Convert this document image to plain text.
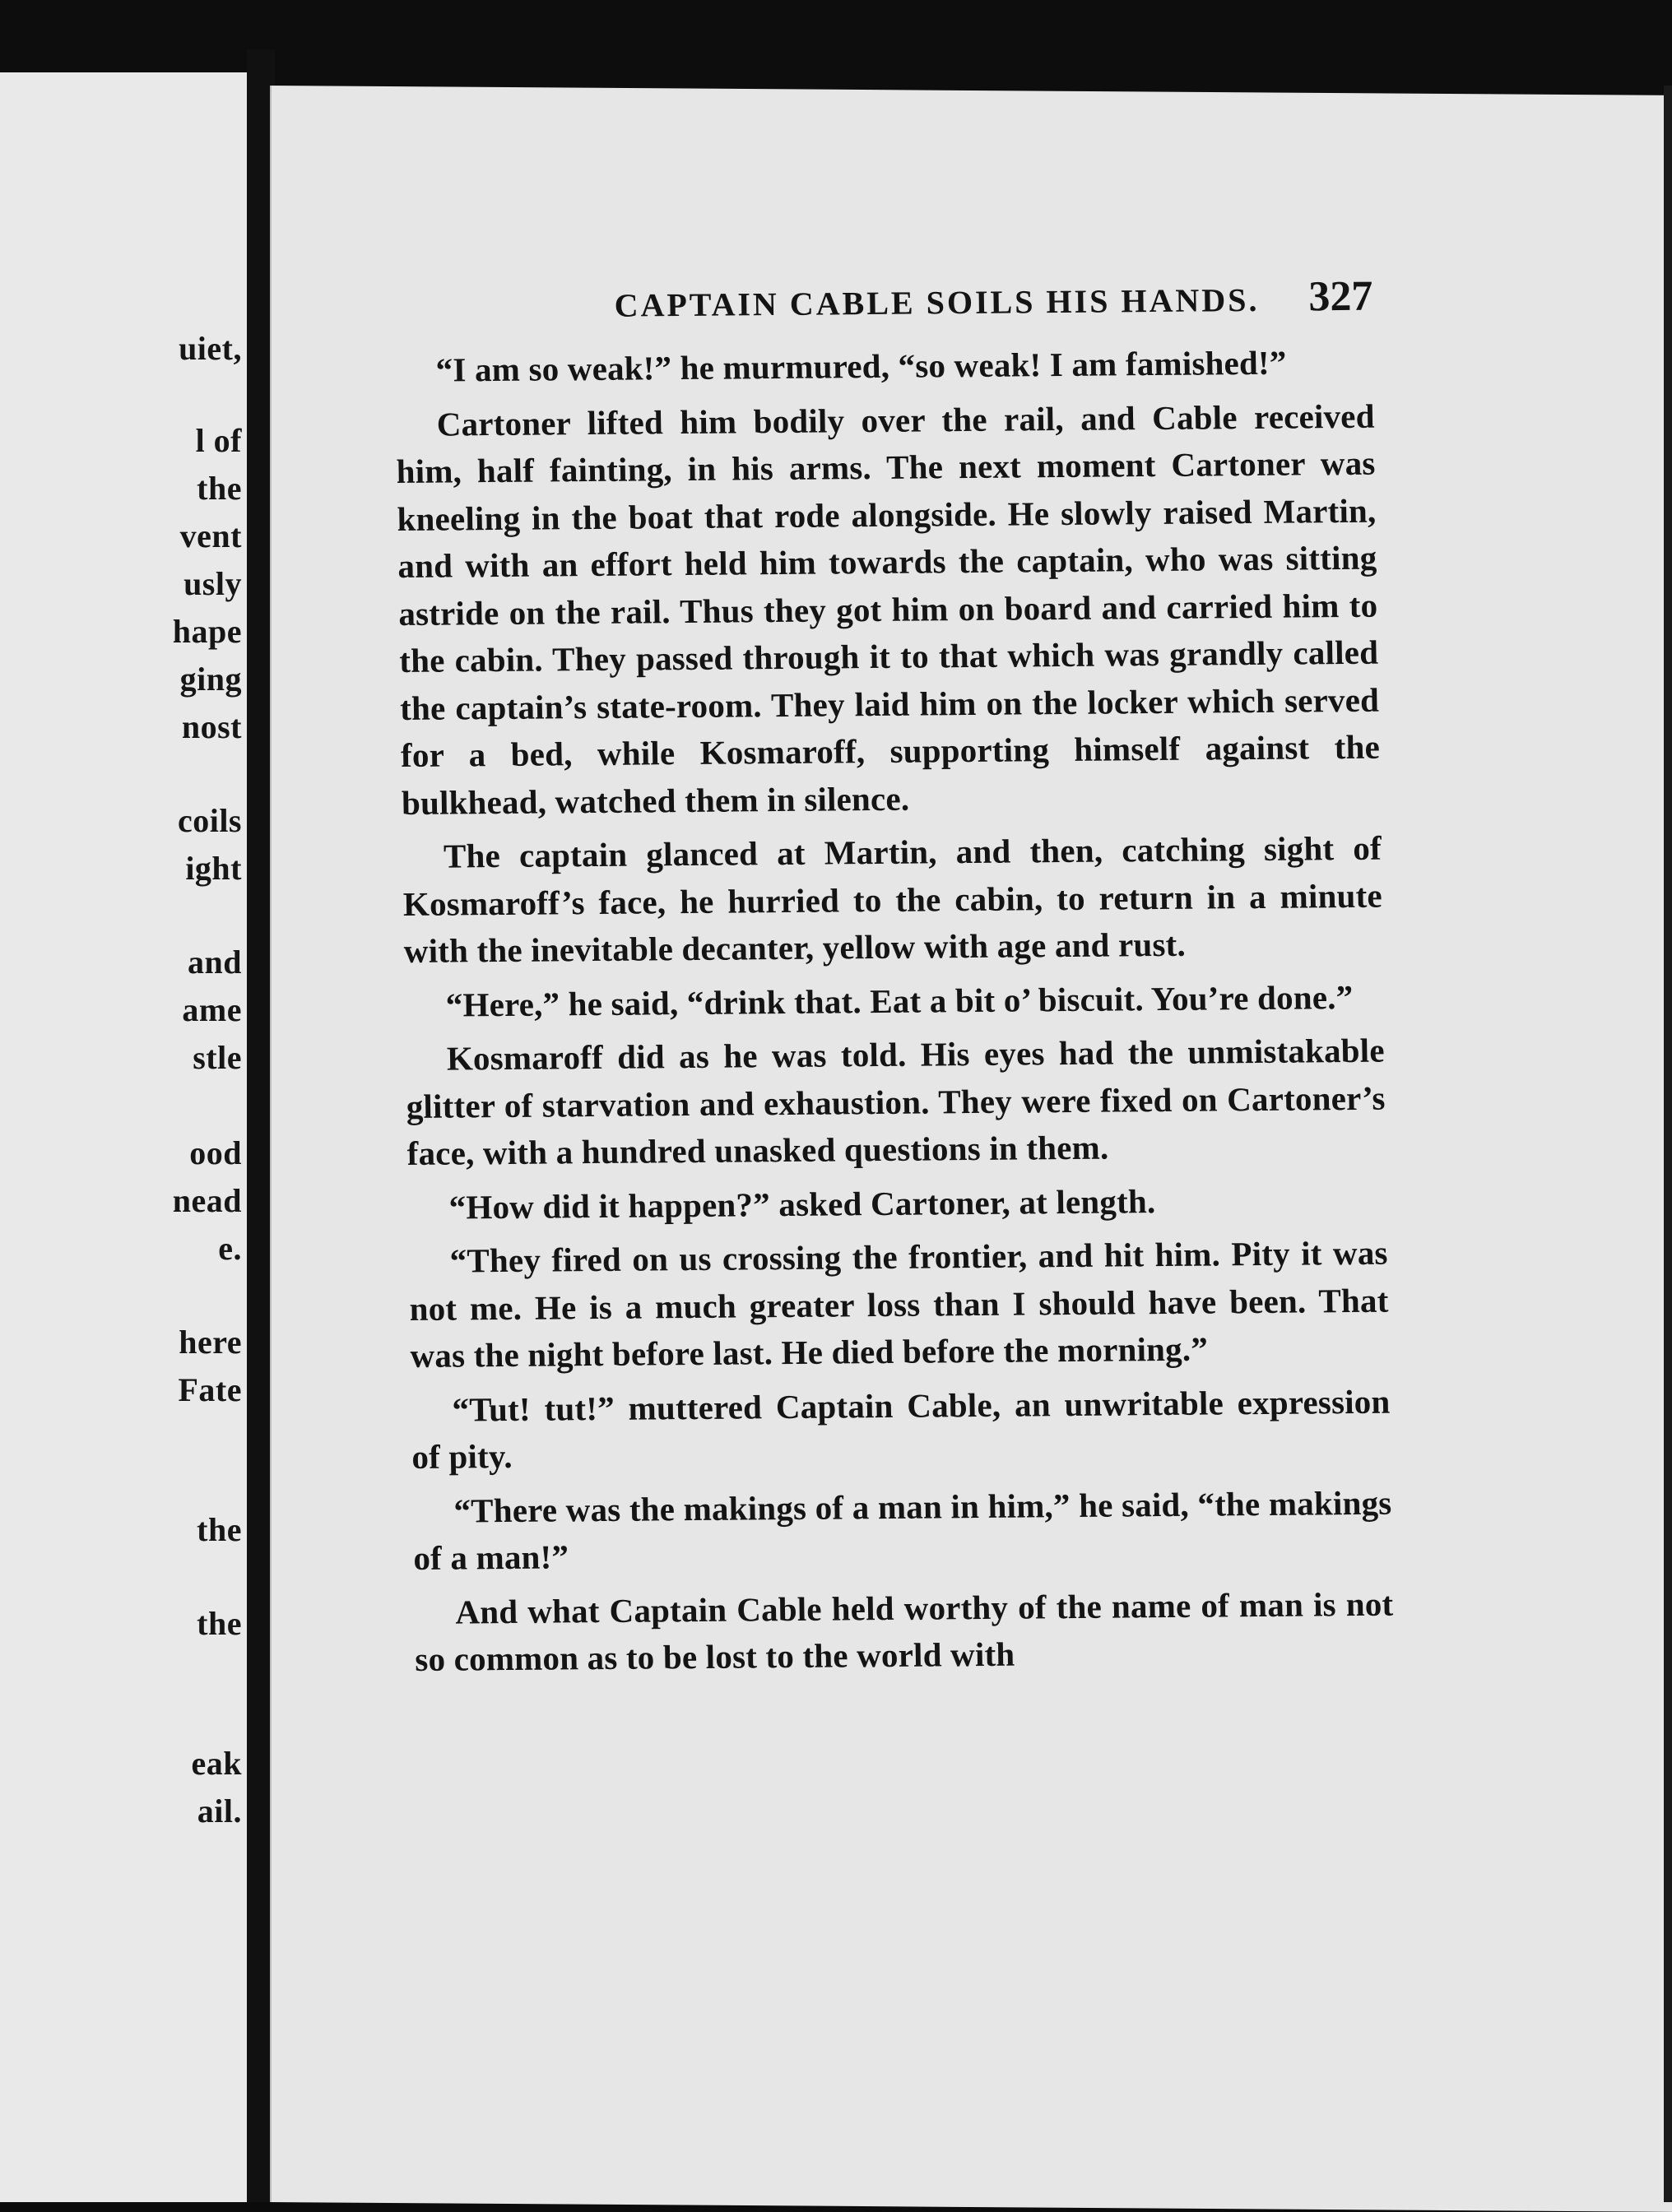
uiet,

l of

the

vent

usly

hape

ging

nost

coils

ight

and

ame

stle

ood

nead

e.

here

Fate

the

the

eak

ail.

CAPTAIN CABLE SOILS HIS HANDS. 327

“I am so weak!” he murmured, “so weak! I am famished!”

Cartoner lifted him bodily over the rail, and Cable received him, half fainting, in his arms. The next moment Cartoner was kneeling in the boat that rode alongside. He slowly raised Martin, and with an effort held him towards the captain, who was sitting astride on the rail. Thus they got him on board and carried him to the cabin. They passed through it to that which was grandly called the captain’s state-room. They laid him on the locker which served for a bed, while Kosmaroff, supporting himself against the bulkhead, watched them in silence.

The captain glanced at Martin, and then, catching sight of Kosmaroff’s face, he hurried to the cabin, to return in a minute with the inevitable decanter, yellow with age and rust.

“Here,” he said, “drink that. Eat a bit o’ biscuit. You’re done.”

Kosmaroff did as he was told. His eyes had the unmistakable glitter of starvation and exhaustion. They were fixed on Cartoner’s face, with a hundred unasked questions in them.

“How did it happen?” asked Cartoner, at length.

“They fired on us crossing the frontier, and hit him. Pity it was not me. He is a much greater loss than I should have been. That was the night before last. He died before the morning.”

“Tut! tut!” muttered Captain Cable, an unwritable expression of pity.

“There was the makings of a man in him,” he said, “the makings of a man!”

And what Captain Cable held worthy of the name of man is not so common as to be lost to the world with
